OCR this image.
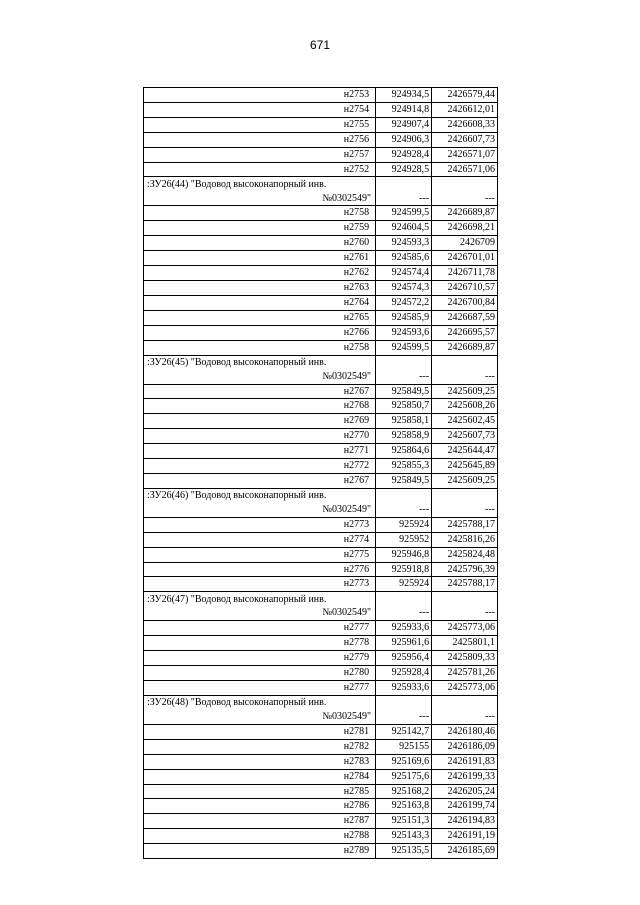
671
н2753	924934,5	2426579,44
н2754	924914,8	2426612,01
н2755	924907,4	2426608,33
н2756	924906,3	2426607,73
н2757	924928,4	2426571,07
н2752	924928,5	2426571,06

:ЗУ26(44) "Водовод высоконапорный инв.
№0302549"	---	---
н2758	924599,5	2426689,87
н2759	924604,5	2426698,21
н2760	924593,3	2426709
н2761	924585,6	2426701,01
н2762	924574,4	2426711,78
н2763	924574,3	2426710,57
н2764	924572,2	2426700,84
н2765	924585,9	2426687,59
н2766	924593,6	2426695,57
н2758	924599,5	2426689,87

:ЗУ26(45) "Водовод высоконапорный инв.
№0302549"	---	---
н2767	925849,5	2425609,25
н2768	925850,7	2425608,26
н2769	925858,1	2425602,45
н2770	925858,9	2425607,73
н2771	925864,6	2425644,47
н2772	925855,3	2425645,89
н2767	925849,5	2425609,25

:ЗУ26(46) "Водовод высоконапорный инв.
№0302549"	---	---
н2773	925924	2425788,17
н2774	925952	2425816,26
н2775	925946,8	2425824,48
н2776	925918,8	2425796,39
н2773	925924	2425788,17

:ЗУ26(47) "Водовод высоконапорный инв.
№0302549"	---	---
н2777	925933,6	2425773,06
н2778	925961,6	2425801,1
н2779	925956,4	2425809,33
н2780	925928,4	2425781,26
н2777	925933,6	2425773,06

:ЗУ26(48) "Водовод высоконапорный инв.
№0302549"	---	---
н2781	925142,7	2426180,46
н2782	925155	2426186,09
н2783	925169,6	2426191,83
н2784	925175,6	2426199,33
н2785	925168,2	2426205,24
н2786	925163,8	2426199,74
н2787	925151,3	2426194,83
н2788	925143,3	2426191,19
н2789	925135,5	2426185,69
